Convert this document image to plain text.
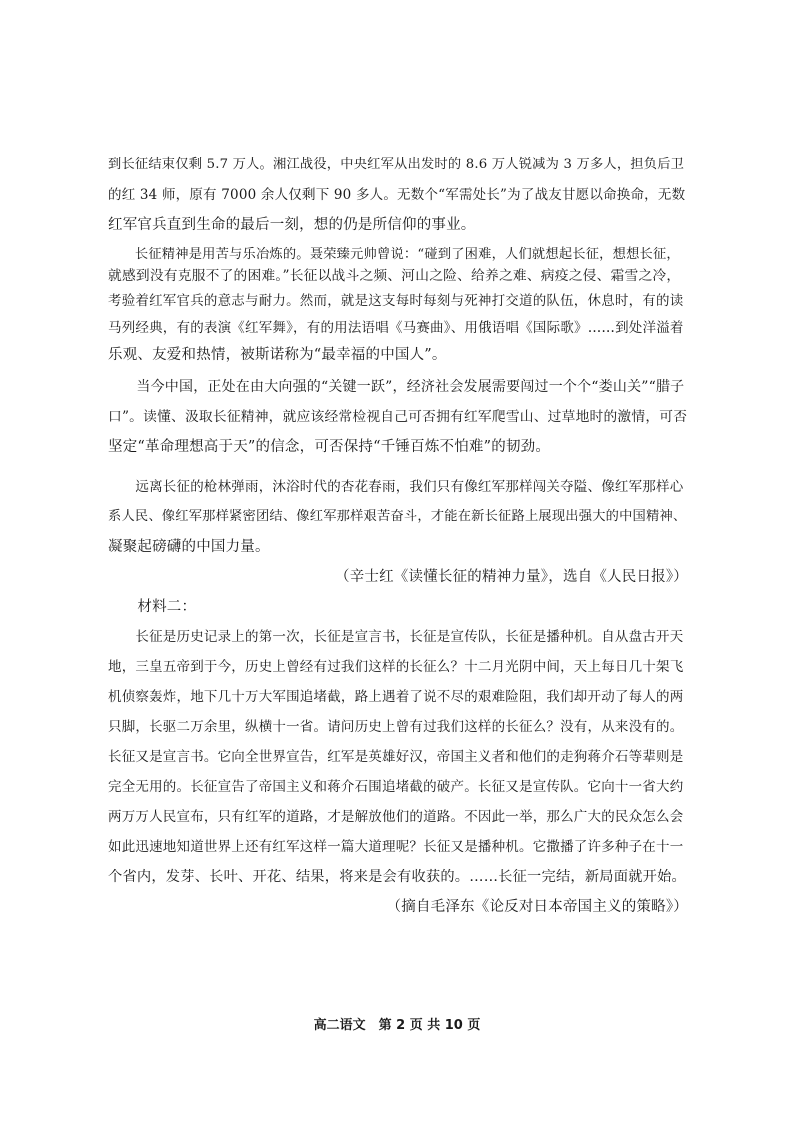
到长征结束仅剩 5.7 万人。湘江战役，中央红军从出发时的 8.6 万人锐减为 3 万多人，担负后卫
的红 34 师，原有 7000 余人仅剩下 90 多人。无数个“军需处长”为了战友甘愿以命换命，无数
红军官兵直到生命的最后一刻，想的仍是所信仰的事业。
　　长征精神是用苦与乐冶炼的。聂荣臻元帅曾说：“碰到了困难，人们就想起长征，想想长征，
就感到没有克服不了的困难。”长征以战斗之频、河山之险、给养之难、病疫之侵、霜雪之冷，
考验着红军官兵的意志与耐力。然而，就是这支每时每刻与死神打交道的队伍，休息时，有的读
马列经典，有的表演《红军舞》，有的用法语唱《马赛曲》、用俄语唱《国际歌》……到处洋溢着
乐观、友爱和热情，被斯诺称为“最幸福的中国人”。
　　当今中国，正处在由大向强的“关键一跃”，经济社会发展需要闯过一个个“娄山关”“腊子
口”。读懂、汲取长征精神，就应该经常检视自己可否拥有红军爬雪山、过草地时的激情，可否
坚定“革命理想高于天”的信念，可否保持“千锤百炼不怕难”的韧劲。
　　远离长征的枪林弹雨，沐浴时代的杏花春雨，我们只有像红军那样闯关夺隘、像红军那样心
系人民、像红军那样紧密团结、像红军那样艰苦奋斗，才能在新长征路上展现出强大的中国精神、
凝聚起磅礴的中国力量。
（辛士红《读懂长征的精神力量》，选自《人民日报》）
　　材料二：
　　长征是历史记录上的第一次，长征是宣言书，长征是宣传队，长征是播种机。自从盘古开天
地，三皇五帝到于今，历史上曾经有过我们这样的长征么？十二月光阴中间，天上每日几十架飞
机侦察轰炸，地下几十万大军围追堵截，路上遇着了说不尽的艰难险阻，我们却开动了每人的两
只脚，长驱二万余里，纵横十一省。请问历史上曾有过我们这样的长征么？没有，从来没有的。
长征又是宣言书。它向全世界宣告，红军是英雄好汉，帝国主义者和他们的走狗蒋介石等辈则是
完全无用的。长征宣告了帝国主义和蒋介石围追堵截的破产。长征又是宣传队。它向十一省大约
两万万人民宣布，只有红军的道路，才是解放他们的道路。不因此一举，那么广大的民众怎么会
如此迅速地知道世界上还有红军这样一篇大道理呢？长征又是播种机。它撒播了许多种子在十一
个省内，发芽、长叶、开花、结果，将来是会有收获的。……长征一完结，新局面就开始。
（摘自毛泽东《论反对日本帝国主义的策略》）
高二语文　第 2 页 共 10 页
